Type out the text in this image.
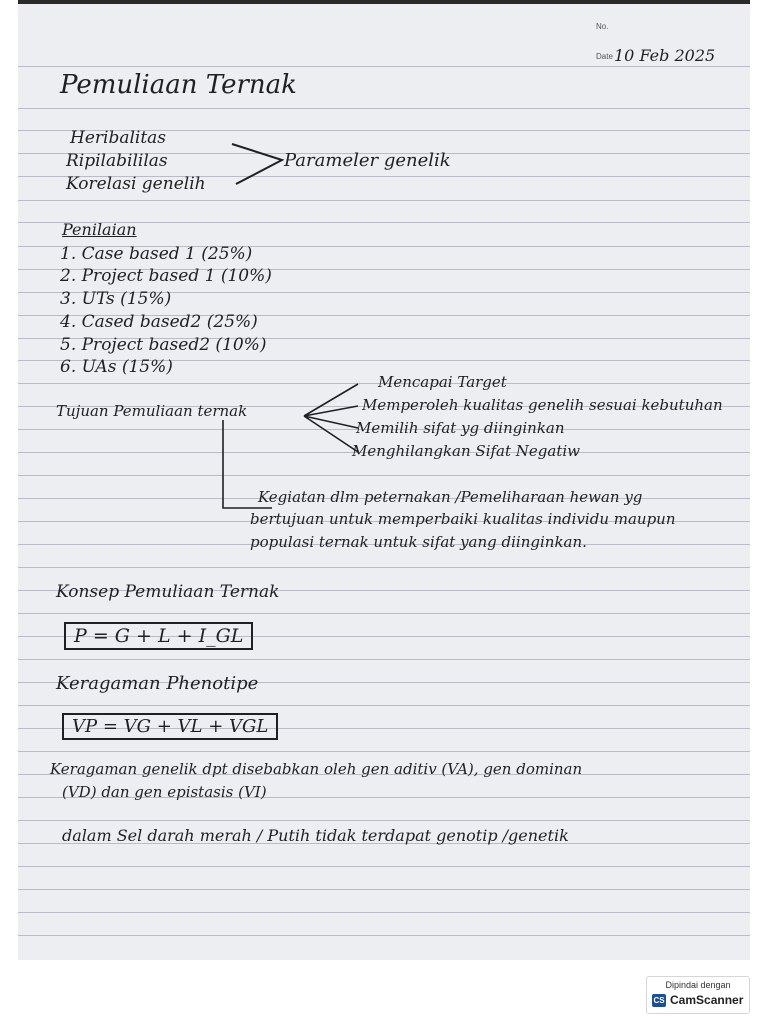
No.
Date 10 Feb 2025
Pemuliaan Ternak
Heribalitas
Ripilabililas
Korelasi genelih
Parameler genelik
Penilaian
1. Case based 1 (25%)
2. Project based 1 (10%)
3. UTs (15%)
4. Cased based2 (25%)
5. Project based2 (10%)
6. UAs (15%)
Tujuan Pemuliaan ternak
Mencapai Target
Memperoleh kualitas genelih sesuai kebutuhan
Memilih sifat yg diinginkan
Menghilangkan Sifat Negatiw
Kegiatan dlm peternakan /Pemeliharaan hewan yg
bertujuan untuk memperbaiki kualitas individu maupun
populasi ternak untuk sifat yang diinginkan.
Konsep Pemuliaan Ternak
P = G + L + I_GL
Keragaman Phenotipe
VP = VG + VL + VGL
Keragaman genelik dpt disebabkan oleh gen aditiv (VA), gen dominan
(VD) dan gen epistasis (VI)
dalam Sel darah merah / Putih tidak terdapat genotip /genetik
Dipindai dengan
CS CamScanner
